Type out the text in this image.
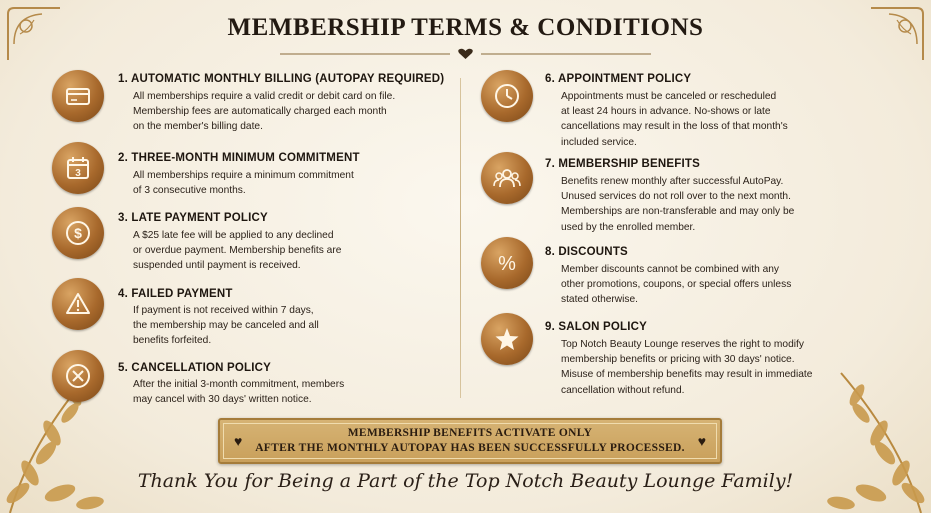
MEMBERSHIP TERMS & CONDITIONS
1. AUTOMATIC MONTHLY BILLING (AUTOPAY REQUIRED)
All memberships require a valid credit or debit card on file.
Membership fees are automatically charged each month
on the member's billing date.
3
2. THREE-MONTH MINIMUM COMMITMENT
All memberships require a minimum commitment
of 3 consecutive months.
$
3. LATE PAYMENT POLICY
A $25 late fee will be applied to any declined
or overdue payment. Membership benefits are
suspended until payment is received.
4. FAILED PAYMENT
If payment is not received within 7 days,
the membership may be canceled and all
benefits forfeited.
5. CANCELLATION POLICY
After the initial 3-month commitment, members
may cancel with 30 days' written notice.
6. APPOINTMENT POLICY
Appointments must be canceled or rescheduled
at least 24 hours in advance. No-shows or late
cancellations may result in the loss of that month's
included service.
7. MEMBERSHIP BENEFITS
Benefits renew monthly after successful AutoPay.
Unused services do not roll over to the next month.
Memberships are non-transferable and may only be
used by the enrolled member.
%
8. DISCOUNTS
Member discounts cannot be combined with any
other promotions, coupons, or special offers unless
stated otherwise.
9. SALON POLICY
Top Notch Beauty Lounge reserves the right to modify
membership benefits or pricing with 30 days' notice.
Misuse of membership benefits may result in immediate
cancellation without refund.
♥	♥
MEMBERSHIP BENEFITS ACTIVATE ONLY
AFTER THE MONTHLY AUTOPAY HAS BEEN SUCCESSFULLY PROCESSED.
Thank You for Being a Part of the Top Notch Beauty Lounge Family!
